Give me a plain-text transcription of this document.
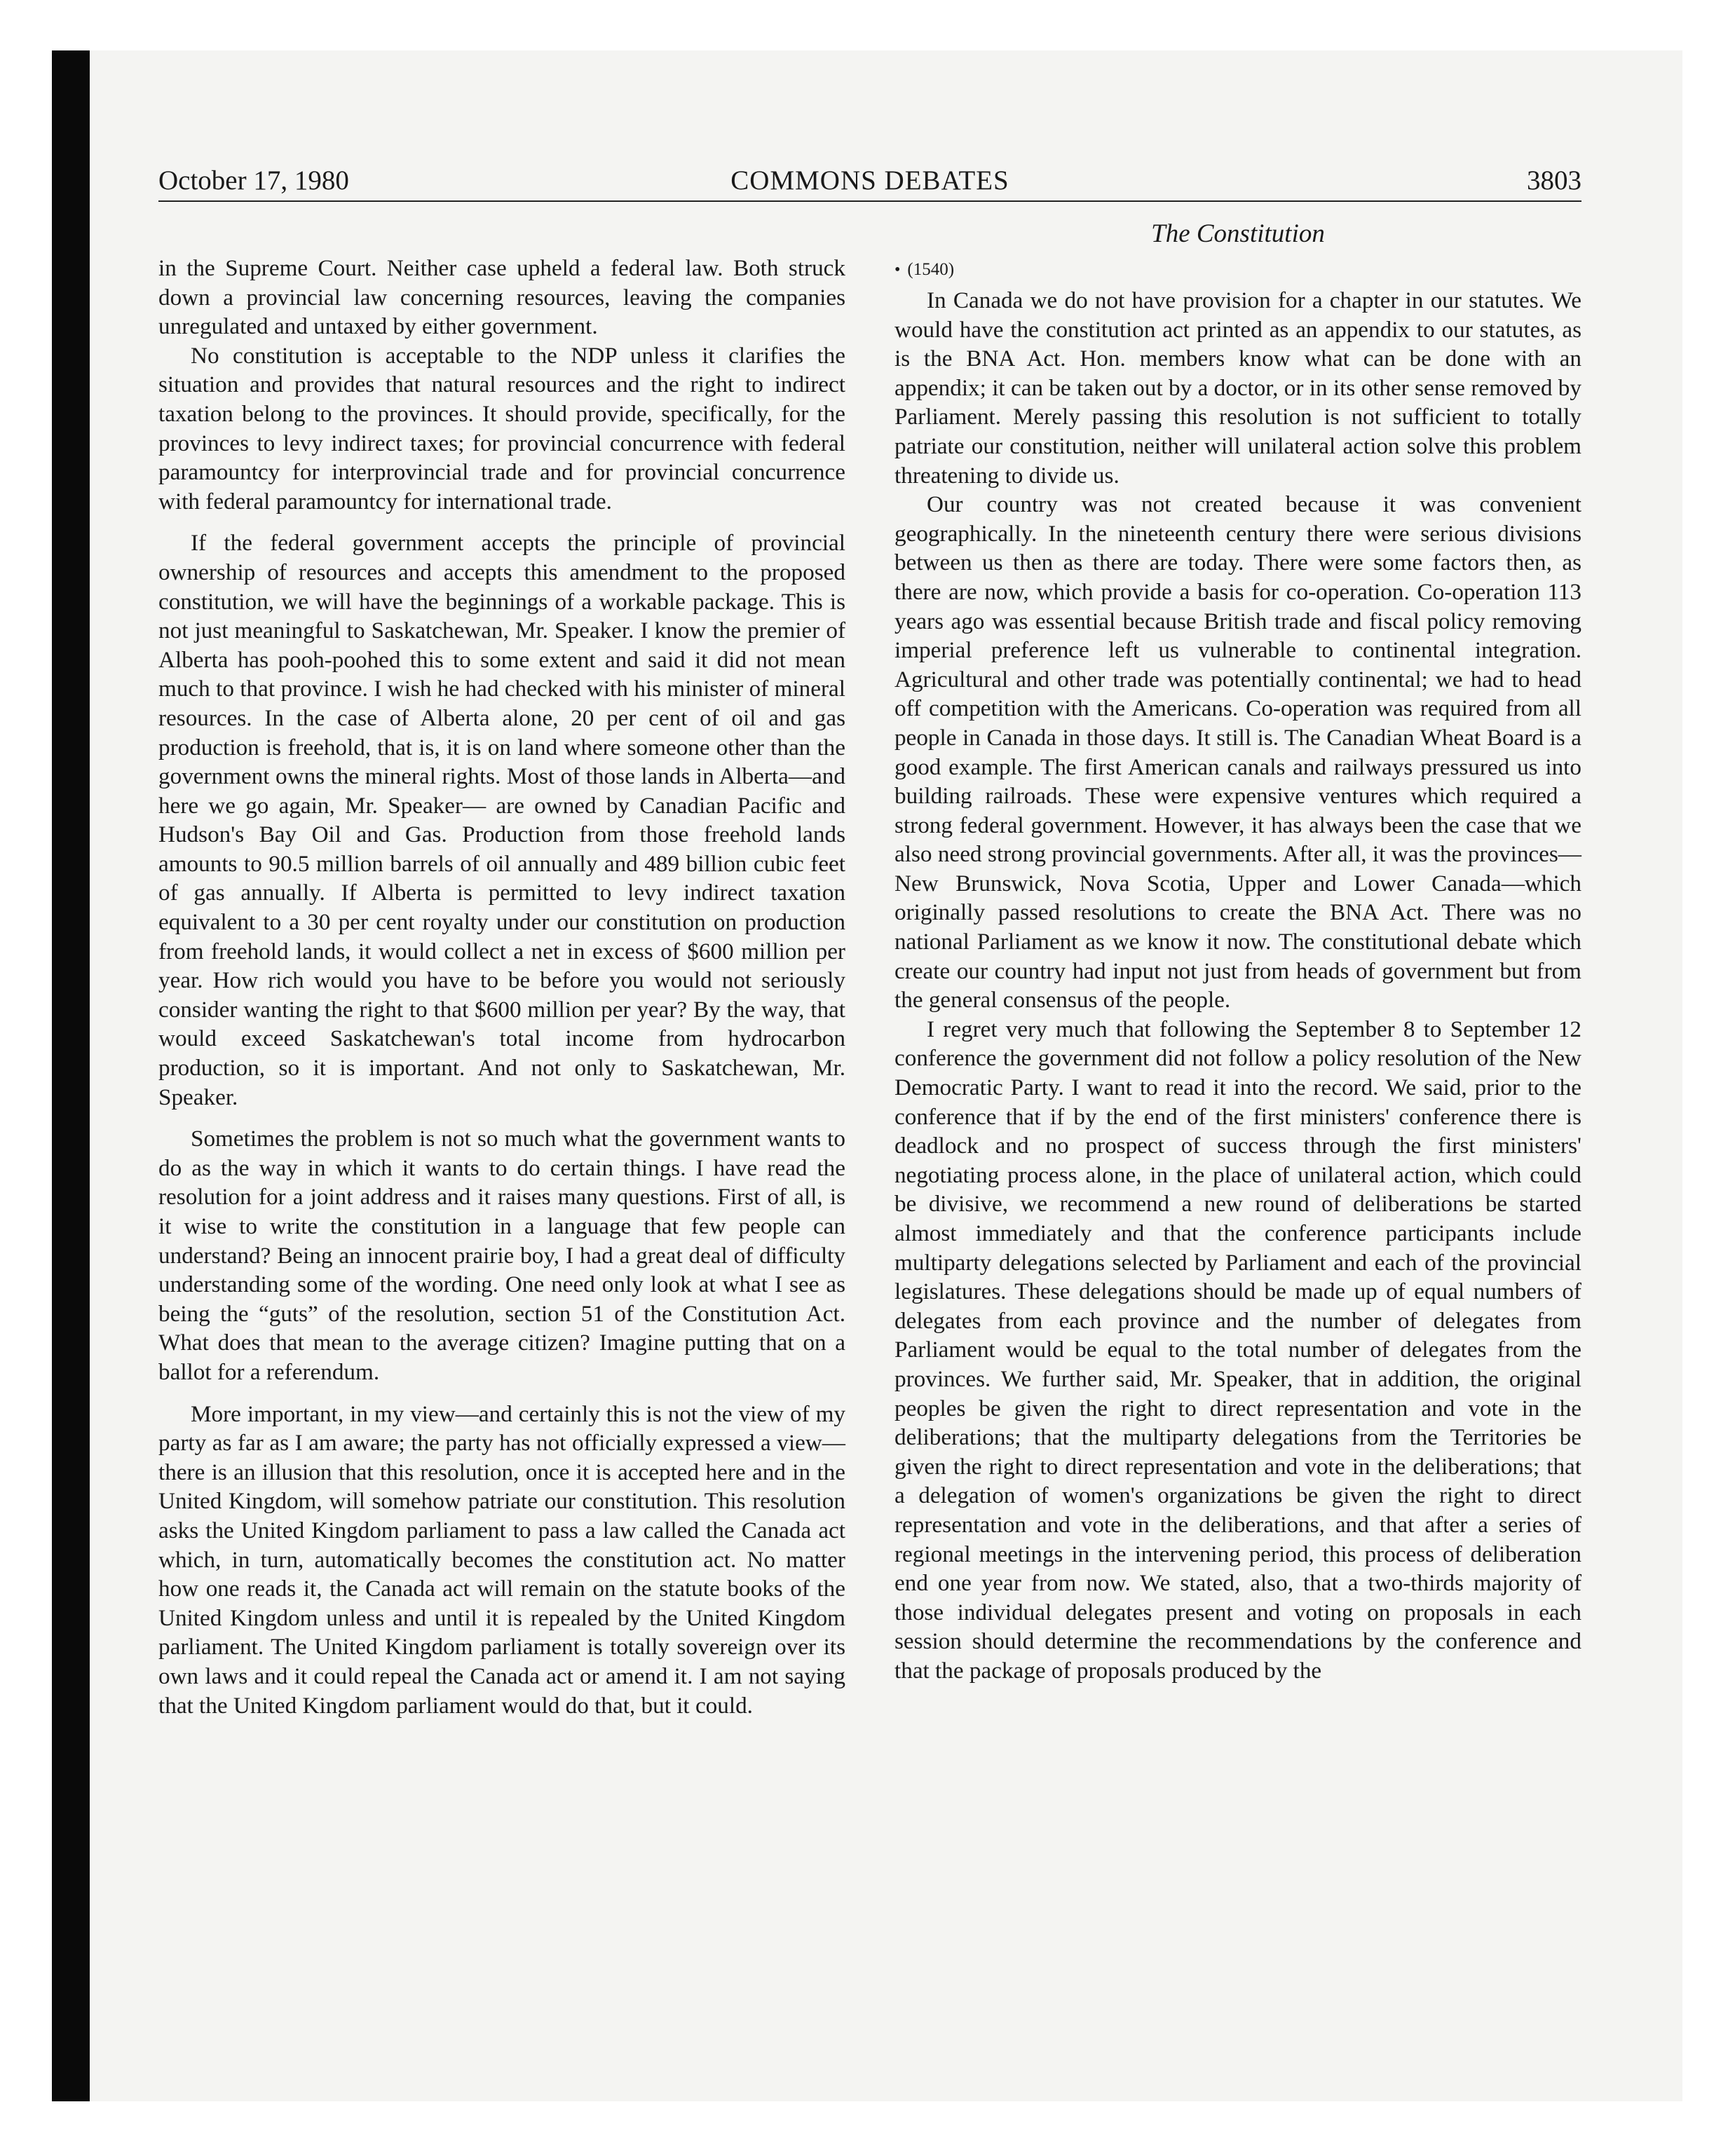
October 17, 1980	COMMONS DEBATES	3803
The Constitution
• (1540)

in the Supreme Court. Neither case upheld a federal law. Both struck down a provincial law concerning resources, leaving the companies unregulated and untaxed by either government.

No constitution is acceptable to the NDP unless it clarifies the situation and provides that natural resources and the right to indirect taxation belong to the provinces. It should provide, specifically, for the provinces to levy indirect taxes; for provincial concurrence with federal paramountcy for interprovincial trade and for provincial concurrence with federal paramountcy for international trade.

If the federal government accepts the principle of provincial ownership of resources and accepts this amendment to the proposed constitution, we will have the beginnings of a workable package. This is not just meaningful to Saskatchewan, Mr. Speaker. I know the premier of Alberta has pooh-poohed this to some extent and said it did not mean much to that province. I wish he had checked with his minister of mineral resources. In the case of Alberta alone, 20 per cent of oil and gas production is freehold, that is, it is on land where someone other than the government owns the mineral rights. Most of those lands in Alberta—and here we go again, Mr. Speaker— are owned by Canadian Pacific and Hudson's Bay Oil and Gas. Production from those freehold lands amounts to 90.5 million barrels of oil annually and 489 billion cubic feet of gas annually. If Alberta is permitted to levy indirect taxation equivalent to a 30 per cent royalty under our constitution on production from freehold lands, it would collect a net in excess of $600 million per year. How rich would you have to be before you would not seriously consider wanting the right to that $600 million per year? By the way, that would exceed Saskatchewan's total income from hydrocarbon production, so it is important. And not only to Saskatchewan, Mr. Speaker.

Sometimes the problem is not so much what the government wants to do as the way in which it wants to do certain things. I have read the resolution for a joint address and it raises many questions. First of all, is it wise to write the constitution in a language that few people can understand? Being an innocent prairie boy, I had a great deal of difficulty understanding some of the wording. One need only look at what I see as being the “guts” of the resolution, section 51 of the Constitution Act. What does that mean to the average citizen? Imagine putting that on a ballot for a referendum.

More important, in my view—and certainly this is not the view of my party as far as I am aware; the party has not officially expressed a view—there is an illusion that this resolution, once it is accepted here and in the United Kingdom, will somehow patriate our constitution. This resolution asks the United Kingdom parliament to pass a law called the Canada act which, in turn, automatically becomes the constitution act. No matter how one reads it, the Canada act will remain on the statute books of the United Kingdom unless and until it is repealed by the United Kingdom parliament. The United Kingdom parliament is totally sovereign over its own laws and it could repeal the Canada act or amend it. I am not saying that the United Kingdom parliament would do that, but it could.

In Canada we do not have provision for a chapter in our statutes. We would have the constitution act printed as an appendix to our statutes, as is the BNA Act. Hon. members know what can be done with an appendix; it can be taken out by a doctor, or in its other sense removed by Parliament. Merely passing this resolution is not sufficient to totally patriate our constitution, neither will unilateral action solve this problem threatening to divide us.

Our country was not created because it was convenient geographically. In the nineteenth century there were serious divisions between us then as there are today. There were some factors then, as there are now, which provide a basis for co-operation. Co-operation 113 years ago was essential because British trade and fiscal policy removing imperial preference left us vulnerable to continental integration. Agricultural and other trade was potentially continental; we had to head off competition with the Americans. Co-operation was required from all people in Canada in those days. It still is. The Canadian Wheat Board is a good example. The first American canals and railways pressured us into building railroads. These were expensive ventures which required a strong federal government. However, it has always been the case that we also need strong provincial governments. After all, it was the provinces—New Brunswick, Nova Scotia, Upper and Lower Canada—which originally passed resolutions to create the BNA Act. There was no national Parliament as we know it now. The constitutional debate which create our country had input not just from heads of government but from the general consensus of the people.

I regret very much that following the September 8 to September 12 conference the government did not follow a policy resolution of the New Democratic Party. I want to read it into the record. We said, prior to the conference that if by the end of the first ministers' conference there is deadlock and no prospect of success through the first ministers' negotiating process alone, in the place of unilateral action, which could be divisive, we recommend a new round of deliberations be started almost immediately and that the conference participants include multiparty delegations selected by Parliament and each of the provincial legislatures. These delegations should be made up of equal numbers of delegates from each province and the number of delegates from Parliament would be equal to the total number of delegates from the provinces. We further said, Mr. Speaker, that in addition, the original peoples be given the right to direct representation and vote in the deliberations; that the multiparty delegations from the Territories be given the right to direct representation and vote in the deliberations; that a delegation of women's organizations be given the right to direct representation and vote in the deliberations, and that after a series of regional meetings in the intervening period, this process of deliberation end one year from now. We stated, also, that a two-thirds majority of those individual delegates present and voting on proposals in each session should determine the recommendations by the conference and that the package of proposals produced by the
